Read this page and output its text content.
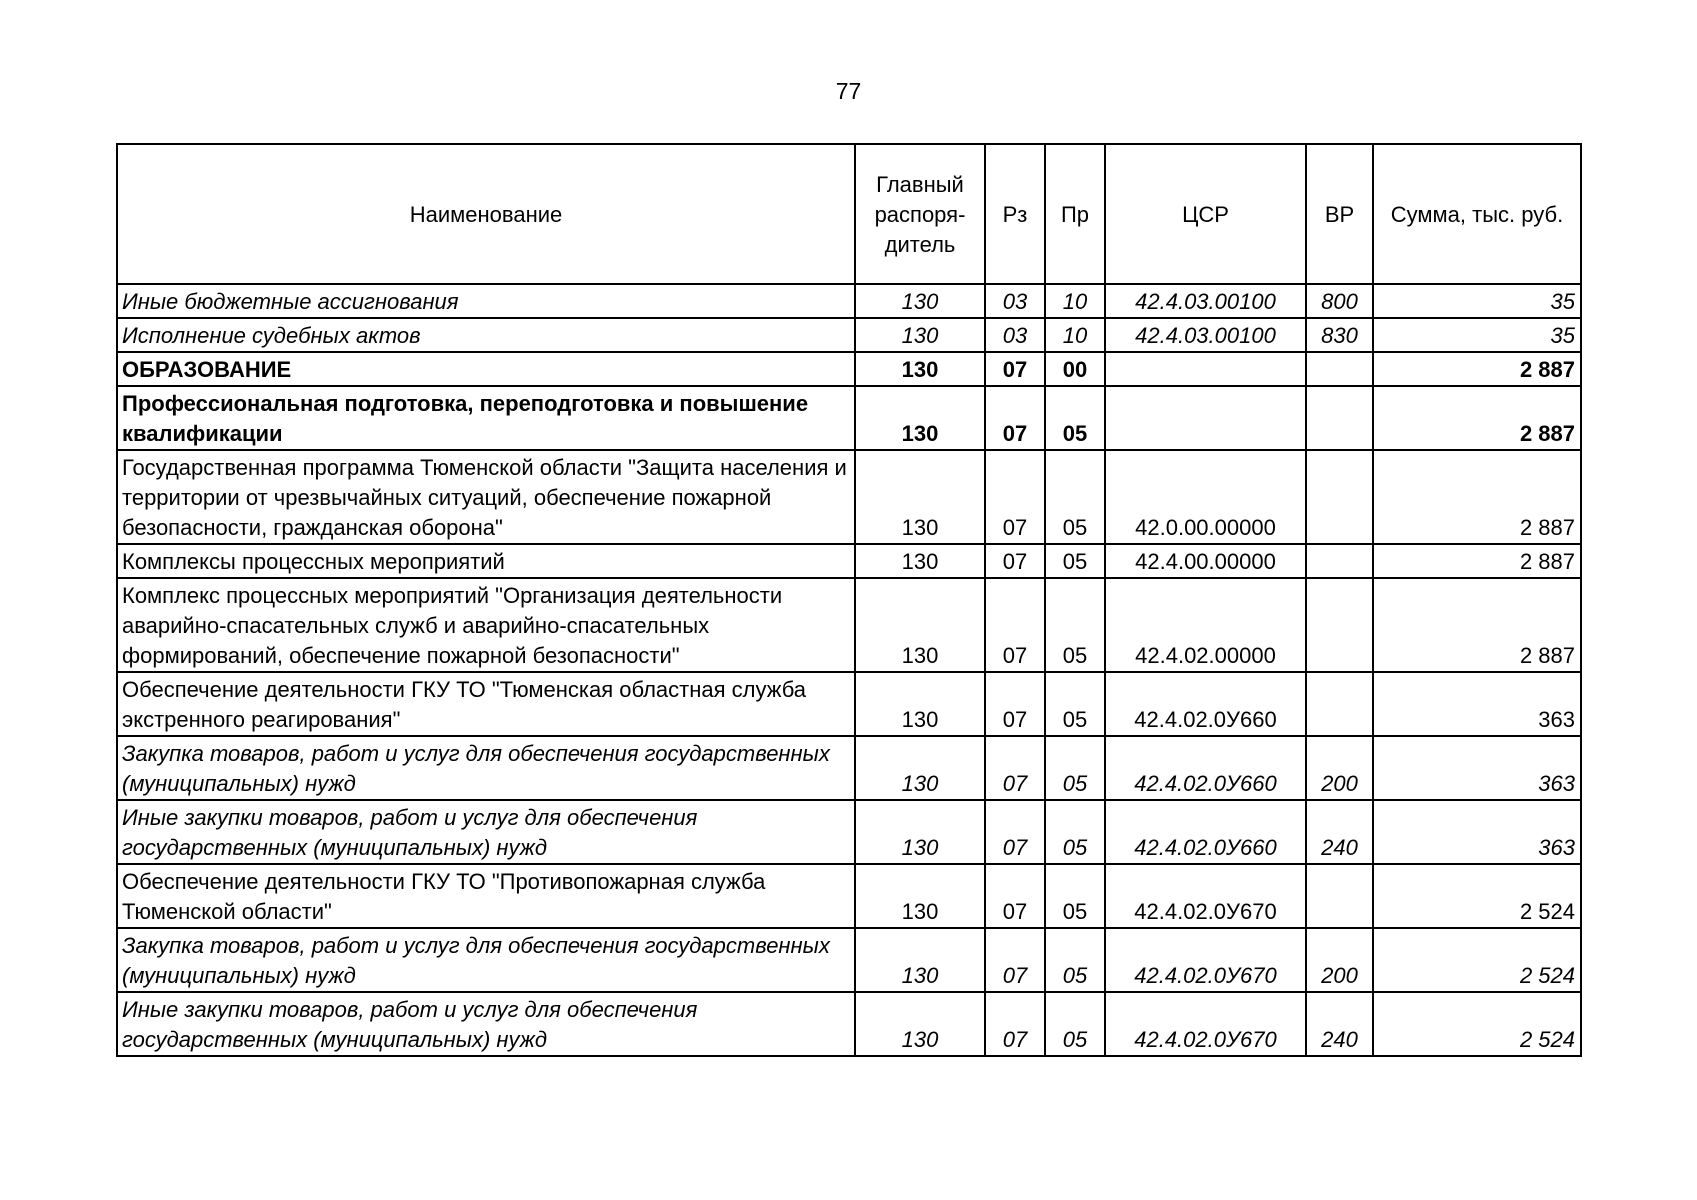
77
Наименование	Главный распоря-дитель	Рз	Пр	ЦСР	ВР	Сумма, тыс. руб.
Иные бюджетные ассигнования	130	03	10	42.4.03.00100	800	35
Исполнение судебных актов	130	03	10	42.4.03.00100	830	35
ОБРАЗОВАНИЕ	130	07	00			2 887
Профессиональная подготовка, переподготовка и повышение квалификации	130	07	05			2 887
Государственная программа Тюменской области "Защита населения и территории от чрезвычайных ситуаций, обеспечение пожарной безопасности, гражданская оборона"	130	07	05	42.0.00.00000		2 887
Комплексы процессных мероприятий	130	07	05	42.4.00.00000		2 887
Комплекс процессных мероприятий "Организация деятельности аварийно-спасательных служб и аварийно-спасательных формирований, обеспечение пожарной безопасности"	130	07	05	42.4.02.00000		2 887
Обеспечение деятельности ГКУ ТО "Тюменская областная служба экстренного реагирования"	130	07	05	42.4.02.0У660		363
Закупка товаров, работ и услуг для обеспечения государственных (муниципальных) нужд	130	07	05	42.4.02.0У660	200	363
Иные закупки товаров, работ и услуг для обеспечения государственных (муниципальных) нужд	130	07	05	42.4.02.0У660	240	363
Обеспечение деятельности ГКУ ТО "Противопожарная служба Тюменской области"	130	07	05	42.4.02.0У670		2 524
Закупка товаров, работ и услуг для обеспечения государственных (муниципальных) нужд	130	07	05	42.4.02.0У670	200	2 524
Иные закупки товаров, работ и услуг для обеспечения государственных (муниципальных) нужд	130	07	05	42.4.02.0У670	240	2 524
